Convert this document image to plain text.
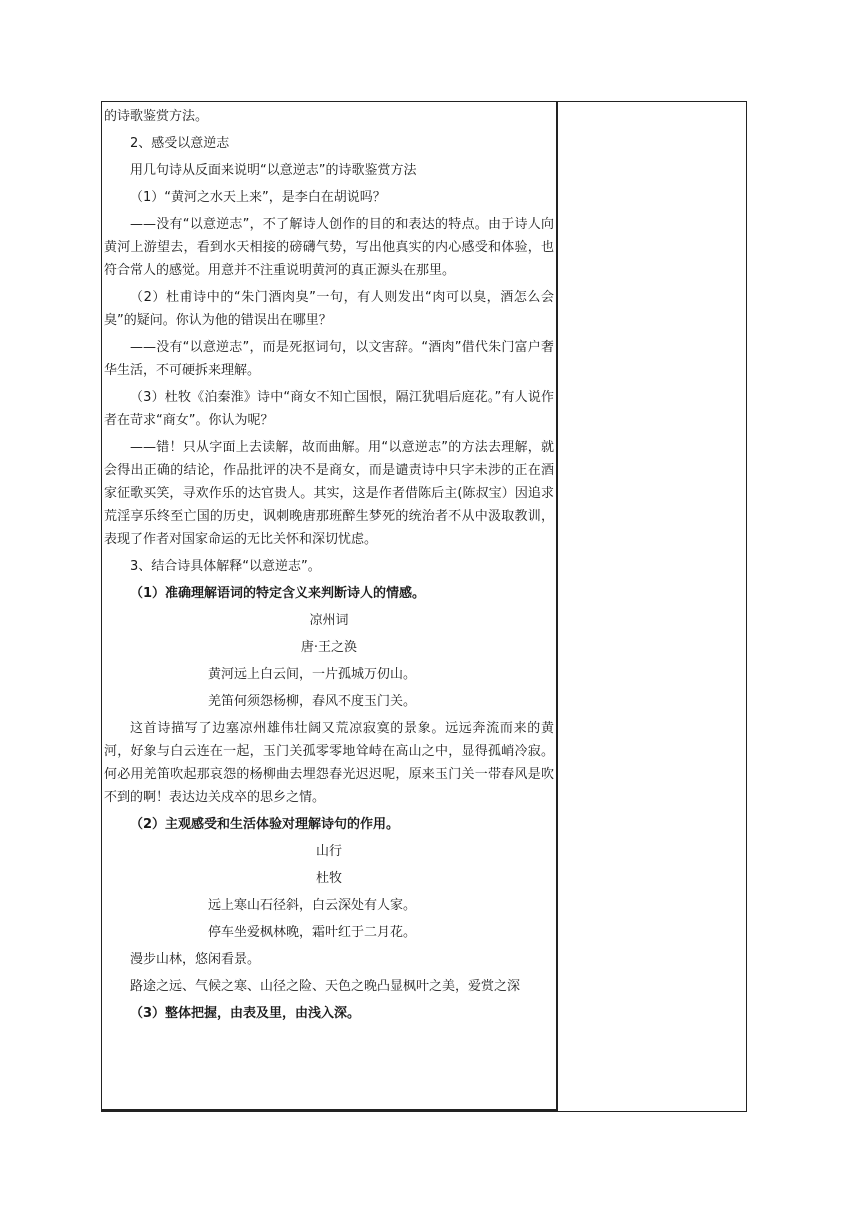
的诗歌鉴赏方法。

2、感受以意逆志

用几句诗从反面来说明“以意逆志”的诗歌鉴赏方法

（1）“黄河之水天上来”，是李白在胡说吗？

——没有“以意逆志”，不了解诗人创作的目的和表达的特点。由于诗人向黄河上游望去，看到水天相接的磅礴气势，写出他真实的内心感受和体验，也符合常人的感觉。用意并不注重说明黄河的真正源头在那里。

（2）杜甫诗中的“朱门酒肉臭”一句，有人则发出“肉可以臭，酒怎么会臭”的疑问。你认为他的错误出在哪里？

——没有“以意逆志”，而是死抠词句，以文害辞。“酒肉”借代朱门富户奢华生活，不可硬拆来理解。

（3）杜牧《泊秦淮》诗中“商女不知亡国恨，隔江犹唱后庭花。”有人说作者在苛求“商女”。你认为呢？

——错！只从字面上去读解，故而曲解。用“以意逆志”的方法去理解，就会得出正确的结论，作品批评的决不是商女，而是谴责诗中只字未涉的正在酒家征歌买笑，寻欢作乐的达官贵人。其实，这是作者借陈后主(陈叔宝）因追求荒淫享乐终至亡国的历史，讽刺晚唐那班醉生梦死的统治者不从中汲取教训，表现了作者对国家命运的无比关怀和深切忧虑。

3、结合诗具体解释“以意逆志”。

（1）准确理解语词的特定含义来判断诗人的情感。

凉州词

唐·王之涣

黄河远上白云间，一片孤城万仞山。

羌笛何须怨杨柳，春风不度玉门关。

这首诗描写了边塞凉州雄伟壮阔又荒凉寂寞的景象。远远奔流而来的黄河，好象与白云连在一起，玉门关孤零零地耸峙在高山之中，显得孤峭冷寂。何必用羌笛吹起那哀怨的杨柳曲去埋怨春光迟迟呢，原来玉门关一带春风是吹不到的啊！表达边关戍卒的思乡之情。

（2）主观感受和生活体验对理解诗句的作用。

山行

杜牧

远上寒山石径斜，白云深处有人家。

停车坐爱枫林晚，霜叶红于二月花。

漫步山林，悠闲看景。

路途之远、气候之寒、山径之险、天色之晚凸显枫叶之美，爱赏之深

（3）整体把握，由表及里，由浅入深。
